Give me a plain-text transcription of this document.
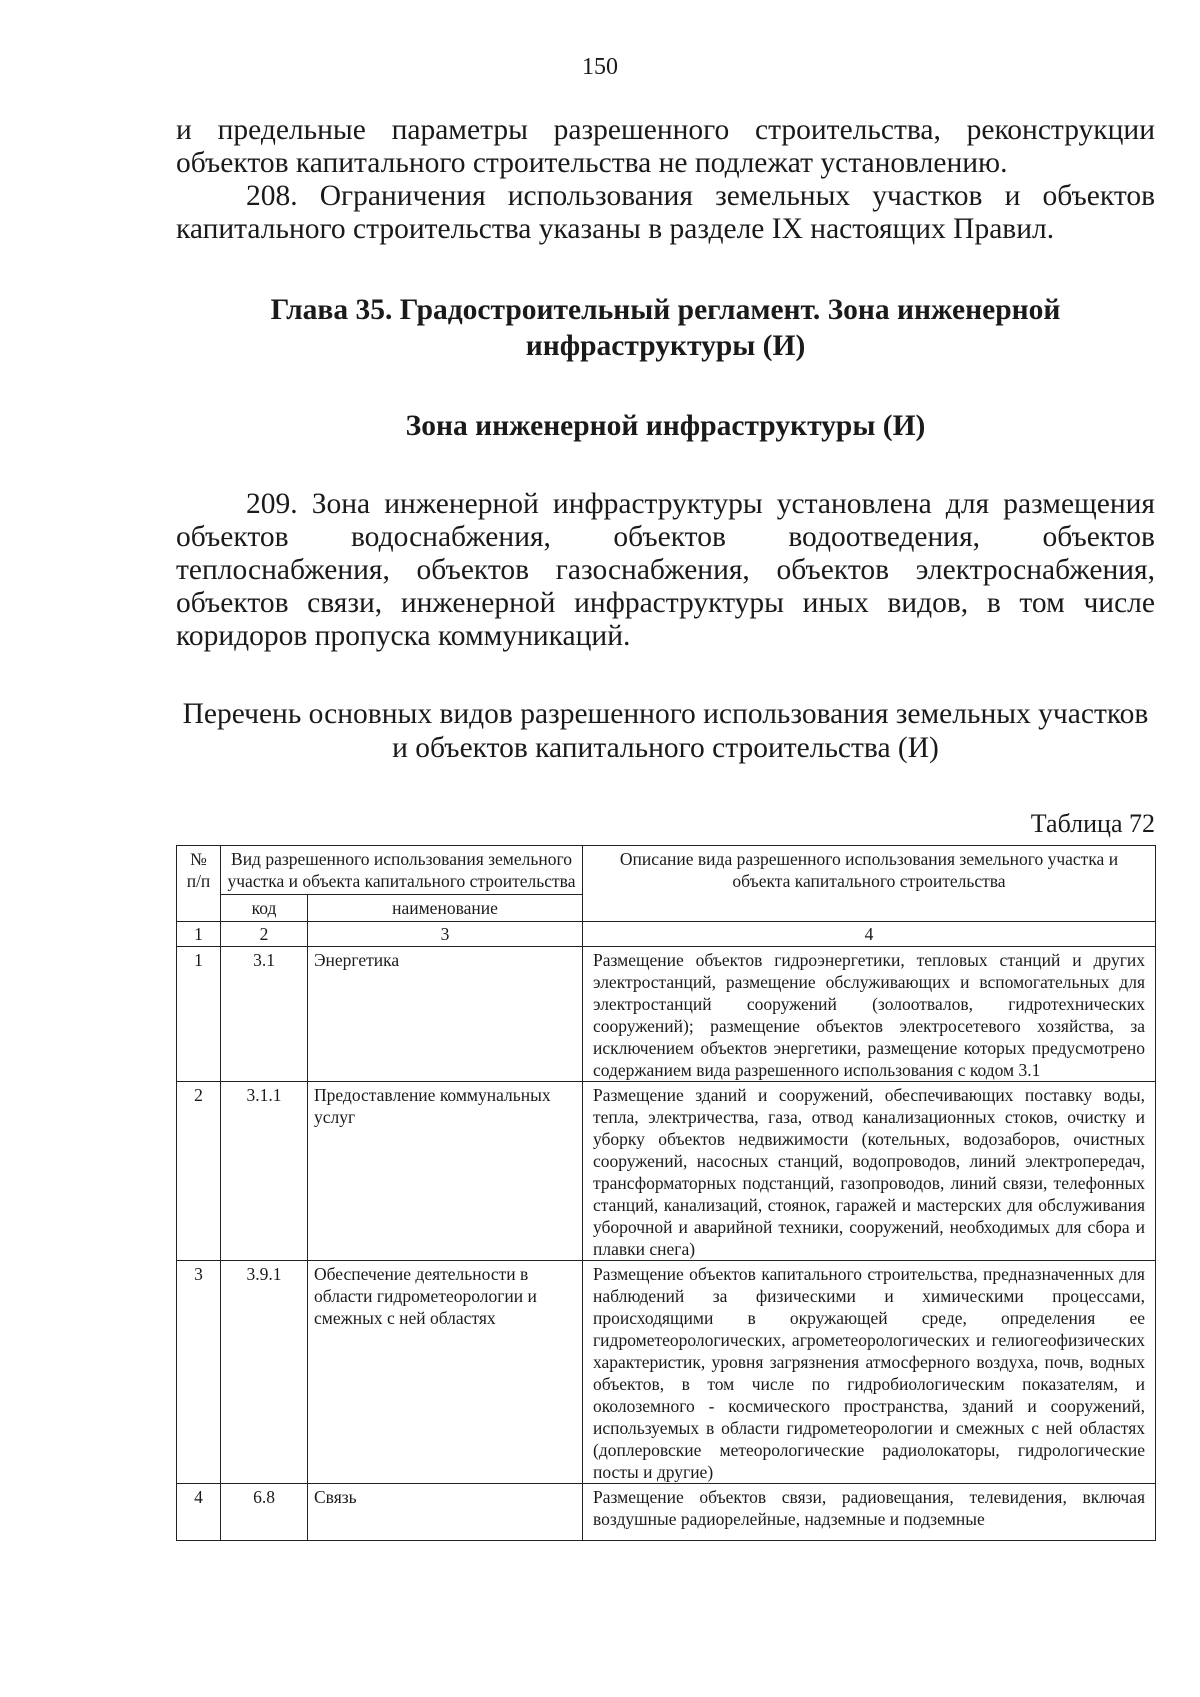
150

и предельные параметры разрешенного строительства, реконструкции объектов капитального строительства не подлежат установлению.

208. Ограничения использования земельных участков и объектов капитального строительства указаны в разделе IX настоящих Правил.

Глава 35. Градостроительный регламент. Зона инженерной
инфраструктуры (И)
Зона инженерной инфраструктуры (И)

209. Зона инженерной инфраструктуры установлена для размещения объектов водоснабжения, объектов водоотведения, объектов теплоснабжения, объектов газоснабжения, объектов электроснабжения, объектов связи, инженерной инфраструктуры иных видов, в том числе коридоров пропуска коммуникаций.

Перечень основных видов разрешенного использования земельных участков
и объектов капитального строительства (И)
Таблица 72
№ п/п	Вид разрешенного использования земельного участка и объекта капитального строительства		Описание вида разрешенного использования земельного участка и объекта капитального строительства
	код	наименование	
1	2	3	4
1	3.1	Энергетика	Размещение объектов гидроэнергетики, тепловых станций и других электростанций, размещение обслуживающих и вспомогательных для электростанций сооружений (золоотвалов, гидротехнических сооружений); размещение объектов электросетевого хозяйства, за исключением объектов энергетики, размещение которых предусмотрено содержанием вида разрешенного использования с кодом 3.1
2	3.1.1	Предоставление коммунальных услуг	Размещение зданий и сооружений, обеспечивающих поставку воды, тепла, электричества, газа, отвод канализационных стоков, очистку и уборку объектов недвижимости (котельных, водозаборов, очистных сооружений, насосных станций, водопроводов, линий электропередач, трансформаторных подстанций, газопроводов, линий связи, телефонных станций, канализаций, стоянок, гаражей и мастерских для обслуживания уборочной и аварийной техники, сооружений, необходимых для сбора и плавки снега)
3	3.9.1	Обеспечение деятельности в области гидрометеорологии и смежных с ней областях	Размещение объектов капитального строительства, предназначенных для наблюдений за физическими и химическими процессами, происходящими в окружающей среде, определения ее гидрометеорологических, агрометеорологических и гелиогеофизических характеристик, уровня загрязнения атмосферного воздуха, почв, водных объектов, в том числе по гидробиологическим показателям, и околоземного - космического пространства, зданий и сооружений, используемых в области гидрометеорологии и смежных с ней областях (доплеровские метеорологические радиолокаторы, гидрологические посты и другие)
4	6.8	Связь	Размещение объектов связи, радиовещания, телевидения, включая воздушные радиорелейные, надземные и подземные
